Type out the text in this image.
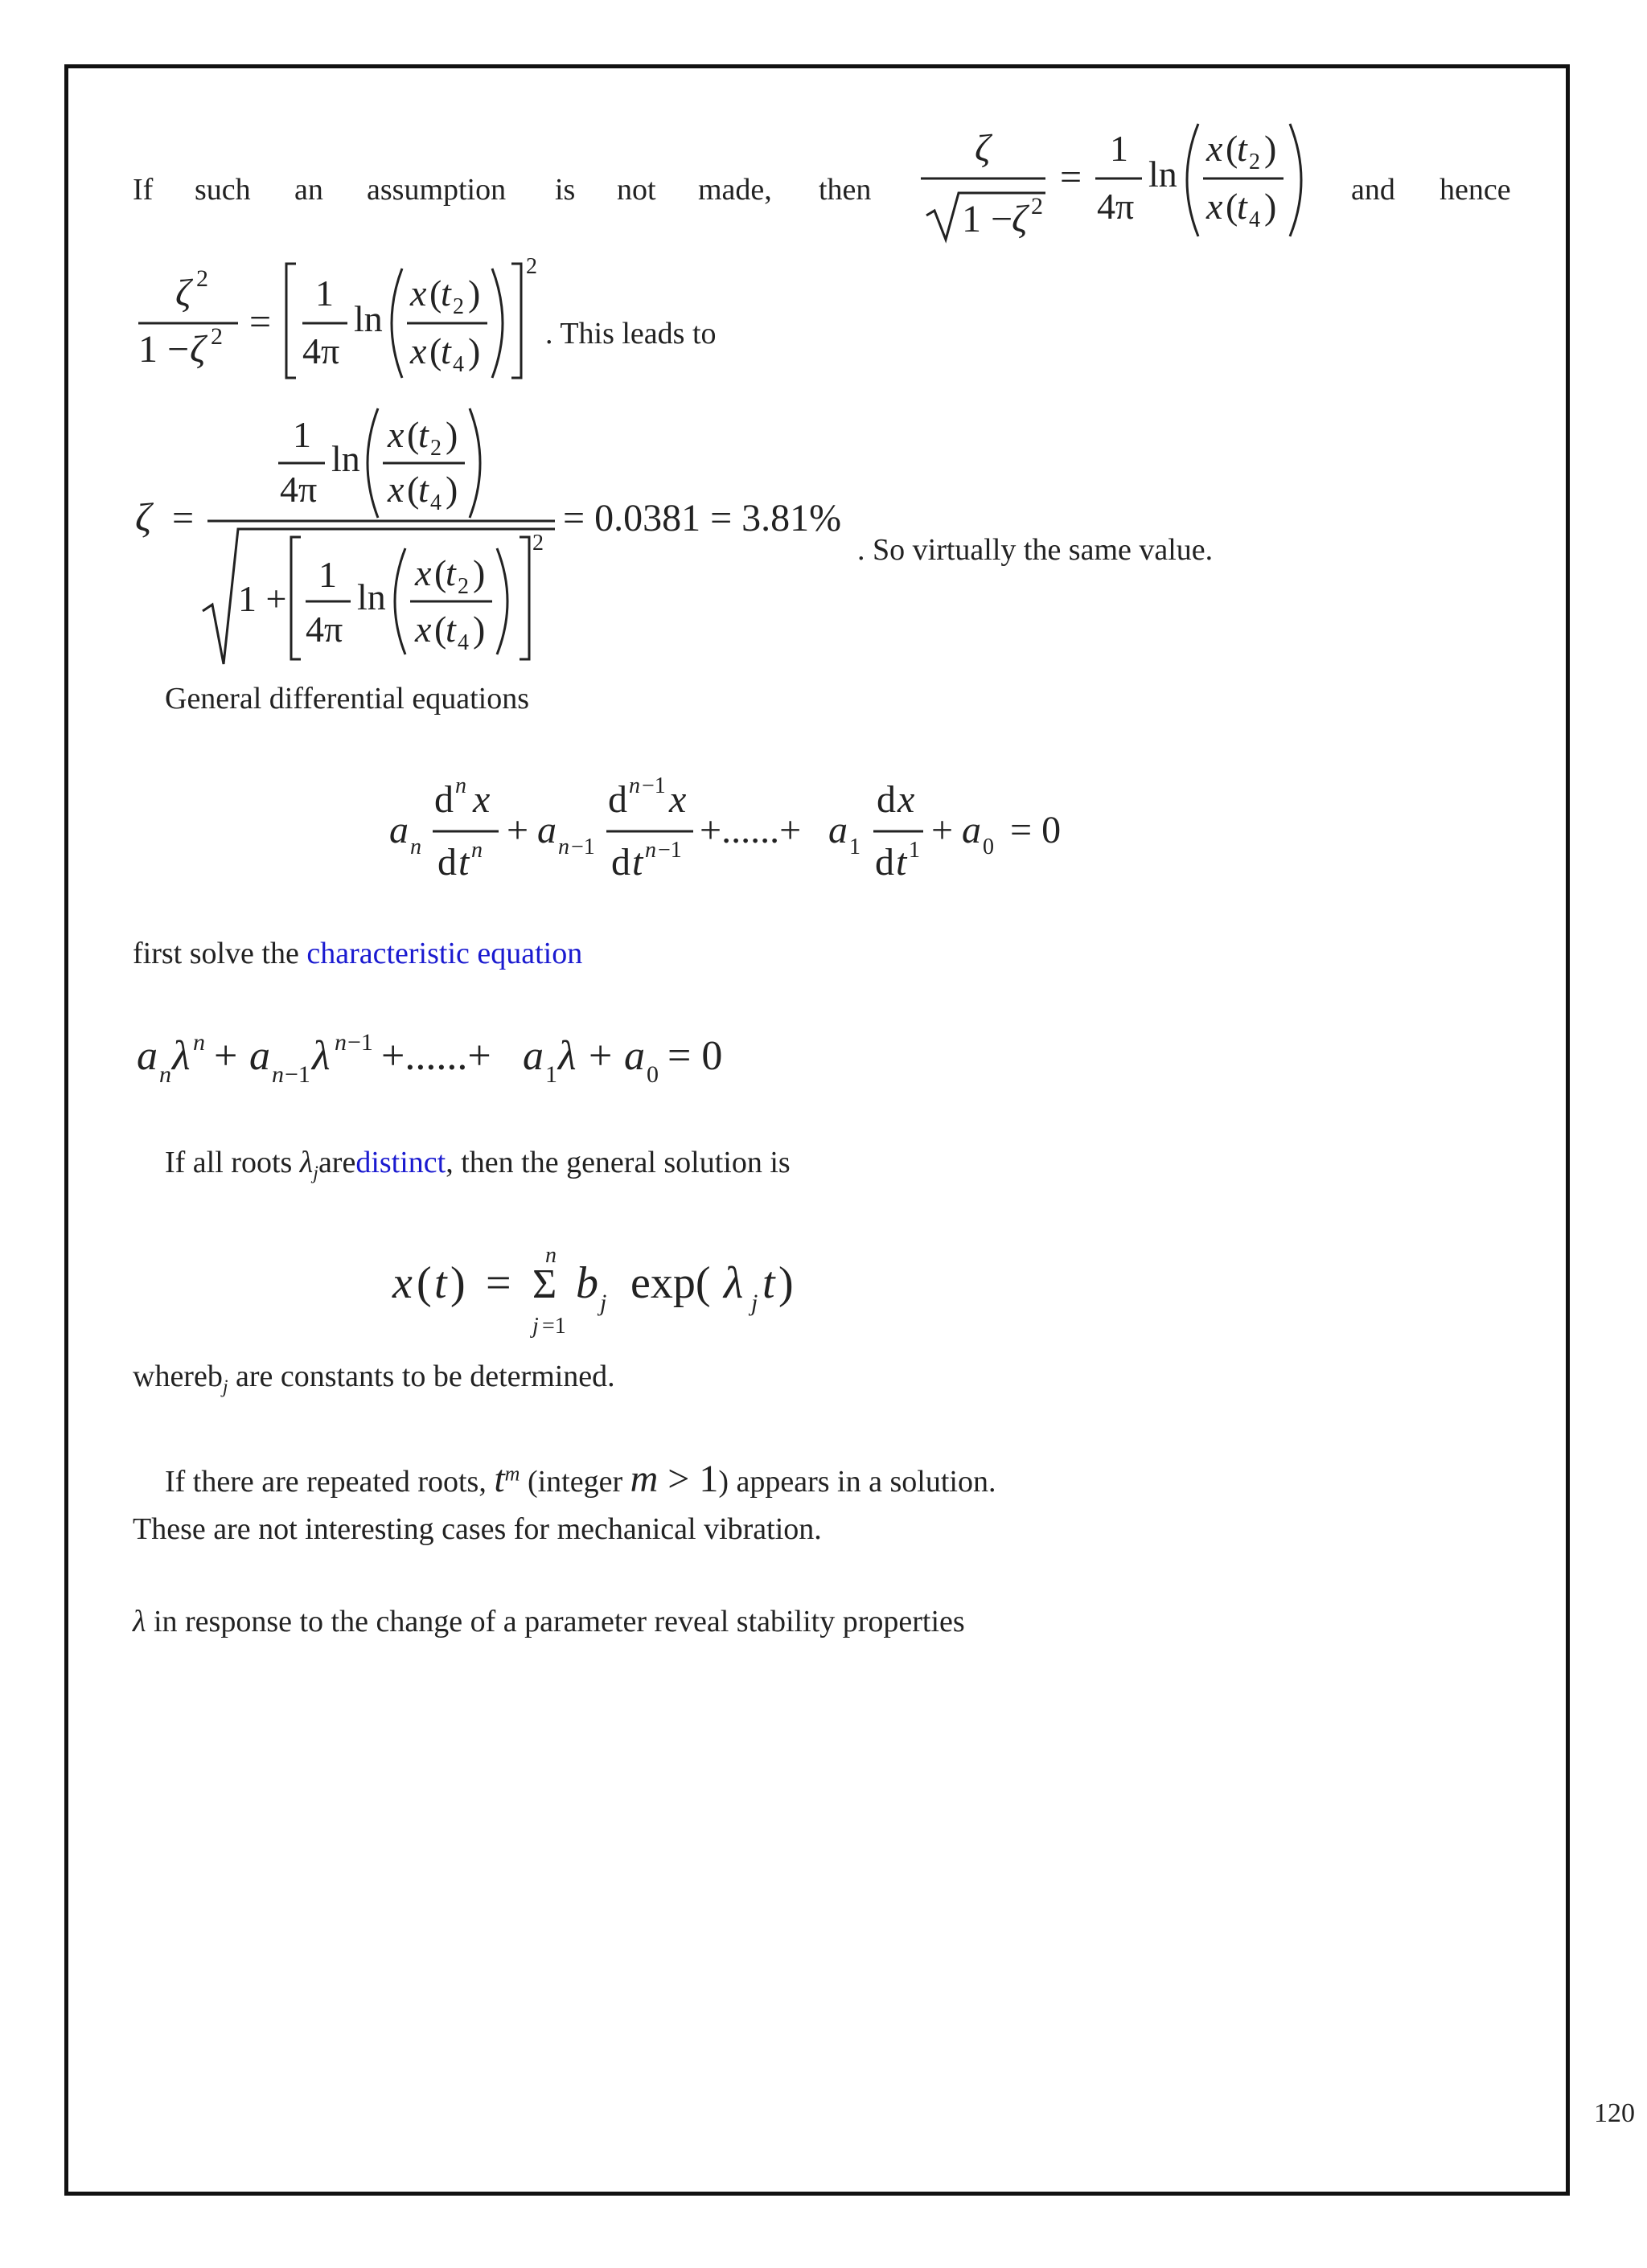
120
If such an assumption is not made, then	and hence
ζ
1 −
ζ 2
=
1
4π
ln
x (
t 2 )
x (
t 4 )
ζ 2
1 − ζ 2 =
1
4π
ln
x (
t 2 )
x (
t 4 )
2
. This leads to
ζ =
1
4π
ln
x (
t 2 )
x (
t 4 )
1 +
1
4π
ln
x (
t 2 )
x (
t 4 )
2
= 0.0381 = 3.81%
. So virtually the same value.
General differential equations
a n
d n x
d t n + a n −1
d n −1 x
d t n −1 +......+ a 1
d x
d t 1 + a 0 = 0
first solve the characteristic equation
a n λ n + a n −1 λ n −1 +......+ a 1 λ + a 0 = 0
If all roots $\lambda_jaredistinct$, then the general solution is
x ( t ) =
n
Σ
j =1
b j exp( λ j t )
whereb$_j$ are constants to be determined.
If there are repeated roots, $t^m$ (integer m > 1) appears in a solution.
These are not interesting cases for mechanical vibration.
λ in response to the change of a parameter reveal stability properties
